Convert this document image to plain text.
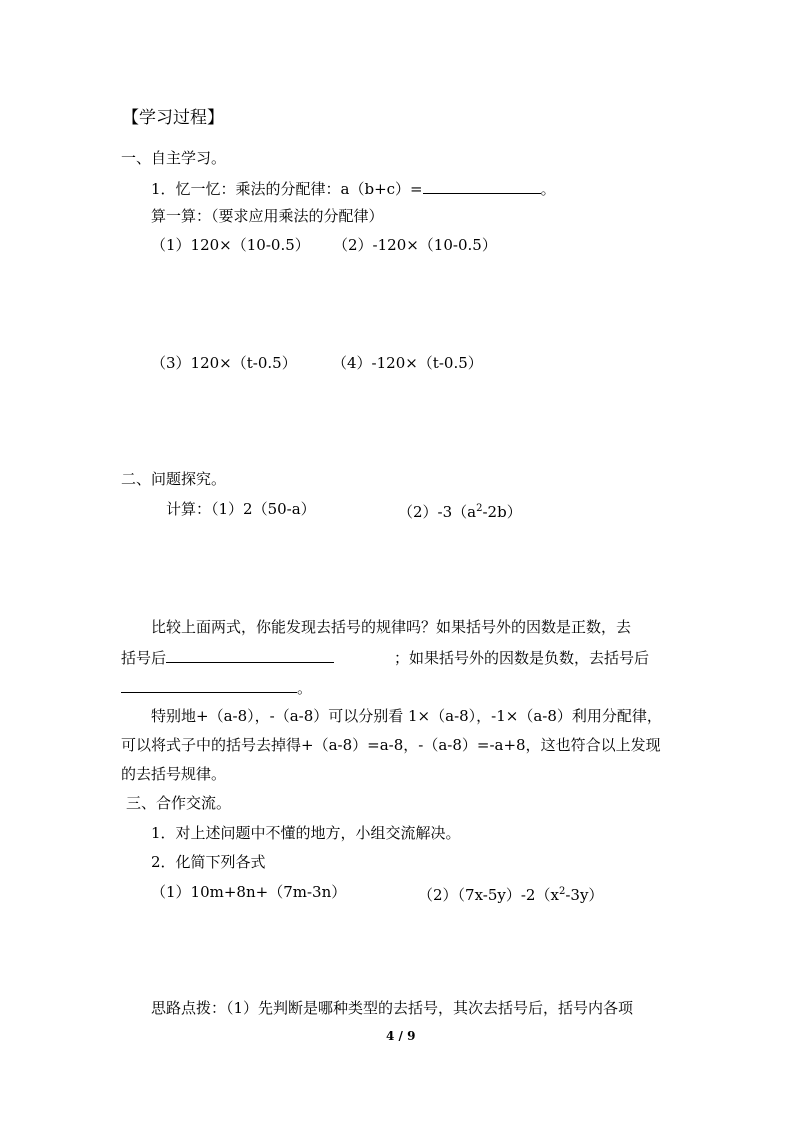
【学习过程】
一、自主学习。
1．忆一忆：乘法的分配律：a（b+c）=	。
算一算：（要求应用乘法的分配律）
（1）120×（10-0.5） （2）-120×（10-0.5）
（3）120×（t-0.5） （4）-120×（t-0.5）
二、问题探究。
计算：（1）2（50-a）	$(2)-3(a^2-2b)$
比较上面两式，你能发现去括号的规律吗？如果括号外的因数是正数，去
括号后	；如果括号外的因数是负数，去括号后
。
特别地+（a-8），-（a-8）可以分别看 1×（a-8），-1×（a-8）利用分配律，
可以将式子中的括号去掉得+（a-8）=a-8，-（a-8）=-a+8，这也符合以上发现
的去括号规律。
三、合作交流。
1．对上述问题中不懂的地方，小组交流解决。
2．化简下列各式
（1）10m+8n+（7m-3n）	$(2)(7x-5y)-2(x^2-3y)$
思路点拨：（1）先判断是哪种类型的去括号，其次去括号后，括号内各项
4 / 9
